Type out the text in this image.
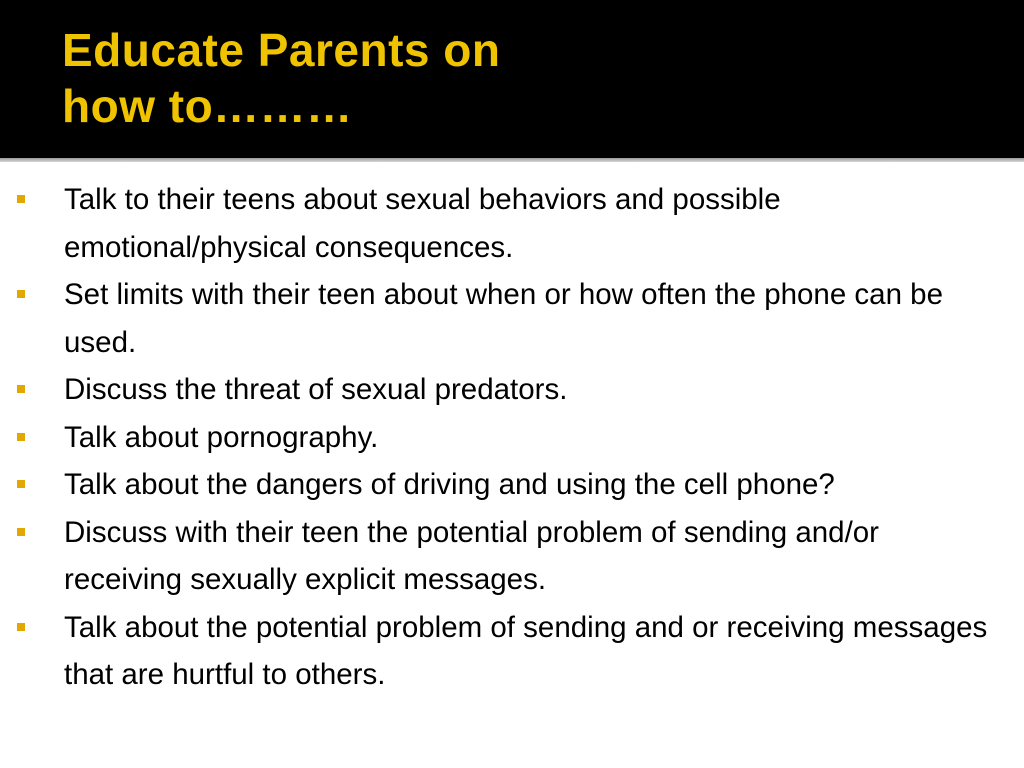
Educate Parents on
how to………
Talk to their teens about sexual behaviors and possible emotional/physical consequences.
Set limits with their teen about when or how often the phone can be used.
Discuss the threat of sexual predators.
Talk about pornography.
Talk about the dangers of driving and using the cell phone?
Discuss with their teen the potential problem of sending and/or receiving sexually explicit messages.
Talk about the potential problem of sending and or receiving messages that are hurtful to others.
